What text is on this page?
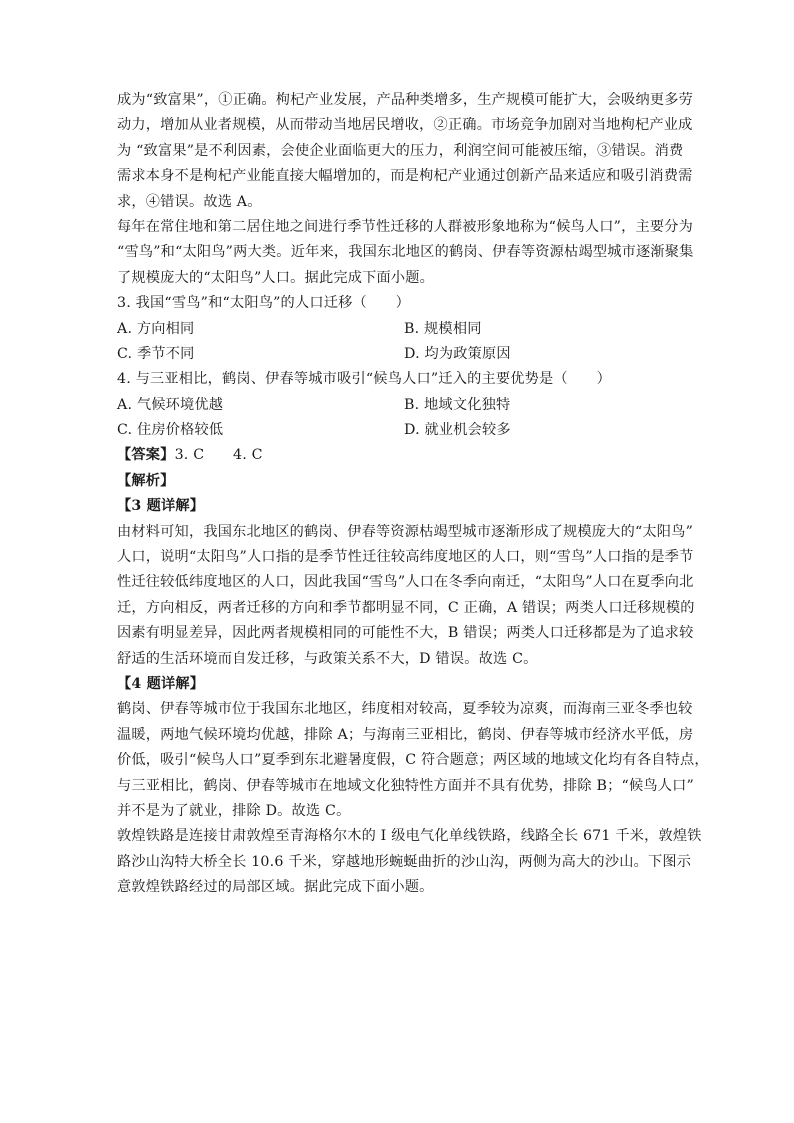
成为“致富果”，①正确。枸杞产业发展，产品种类增多，生产规模可能扩大，会吸纳更多劳
动力，增加从业者规模，从而带动当地居民增收，②正确。市场竞争加剧对当地枸杞产业成
为 “致富果”是不利因素，会使企业面临更大的压力，利润空间可能被压缩，③错误。消费
需求本身不是枸杞产业能直接大幅增加的，而是枸杞产业通过创新产品来适应和吸引消费需
求，④错误。故选 A。
每年在常住地和第二居住地之间进行季节性迁移的人群被形象地称为“候鸟人口”，主要分为
“雪鸟”和“太阳鸟”两大类。近年来，我国东北地区的鹤岗、伊春等资源枯竭型城市逐渐聚集
了规模庞大的“太阳鸟”人口。据此完成下面小题。
3. 我国“雪鸟”和“太阳鸟”的人口迁移（　　）
A. 方向相同	B. 规模相同
C. 季节不同	D. 均为政策原因
4. 与三亚相比，鹤岗、伊春等城市吸引“候鸟人口”迁入的主要优势是（　　）
A. 气候环境优越	B. 地域文化独特
C. 住房价格较低	D. 就业机会较多
【答案】3. C　　4. C
【解析】
【3 题详解】
由材料可知，我国东北地区的鹤岗、伊春等资源枯竭型城市逐渐形成了规模庞大的“太阳鸟”
人口，说明“太阳鸟”人口指的是季节性迁往较高纬度地区的人口，则“雪鸟”人口指的是季节
性迁往较低纬度地区的人口，因此我国“雪鸟”人口在冬季向南迁，“太阳鸟”人口在夏季向北
迁，方向相反，两者迁移的方向和季节都明显不同，C 正确，A 错误；两类人口迁移规模的
因素有明显差异，因此两者规模相同的可能性不大，B 错误；两类人口迁移都是为了追求较
舒适的生活环境而自发迁移，与政策关系不大，D 错误。故选 C。
【4 题详解】
鹤岗、伊春等城市位于我国东北地区，纬度相对较高，夏季较为凉爽，而海南三亚冬季也较
温暖，两地气候环境均优越，排除 A；与海南三亚相比，鹤岗、伊春等城市经济水平低，房
价低，吸引“候鸟人口”夏季到东北避暑度假，C 符合题意；两区域的地域文化均有各自特点，
与三亚相比，鹤岗、伊春等城市在地域文化独特性方面并不具有优势，排除 B；“候鸟人口”
并不是为了就业，排除 D。故选 C。
敦煌铁路是连接甘肃敦煌至青海格尔木的 I 级电气化单线铁路，线路全长 671 千米，敦煌铁
路沙山沟特大桥全长 10.6 千米，穿越地形蜿蜒曲折的沙山沟，两侧为高大的沙山。下图示
意敦煌铁路经过的局部区域。据此完成下面小题。
